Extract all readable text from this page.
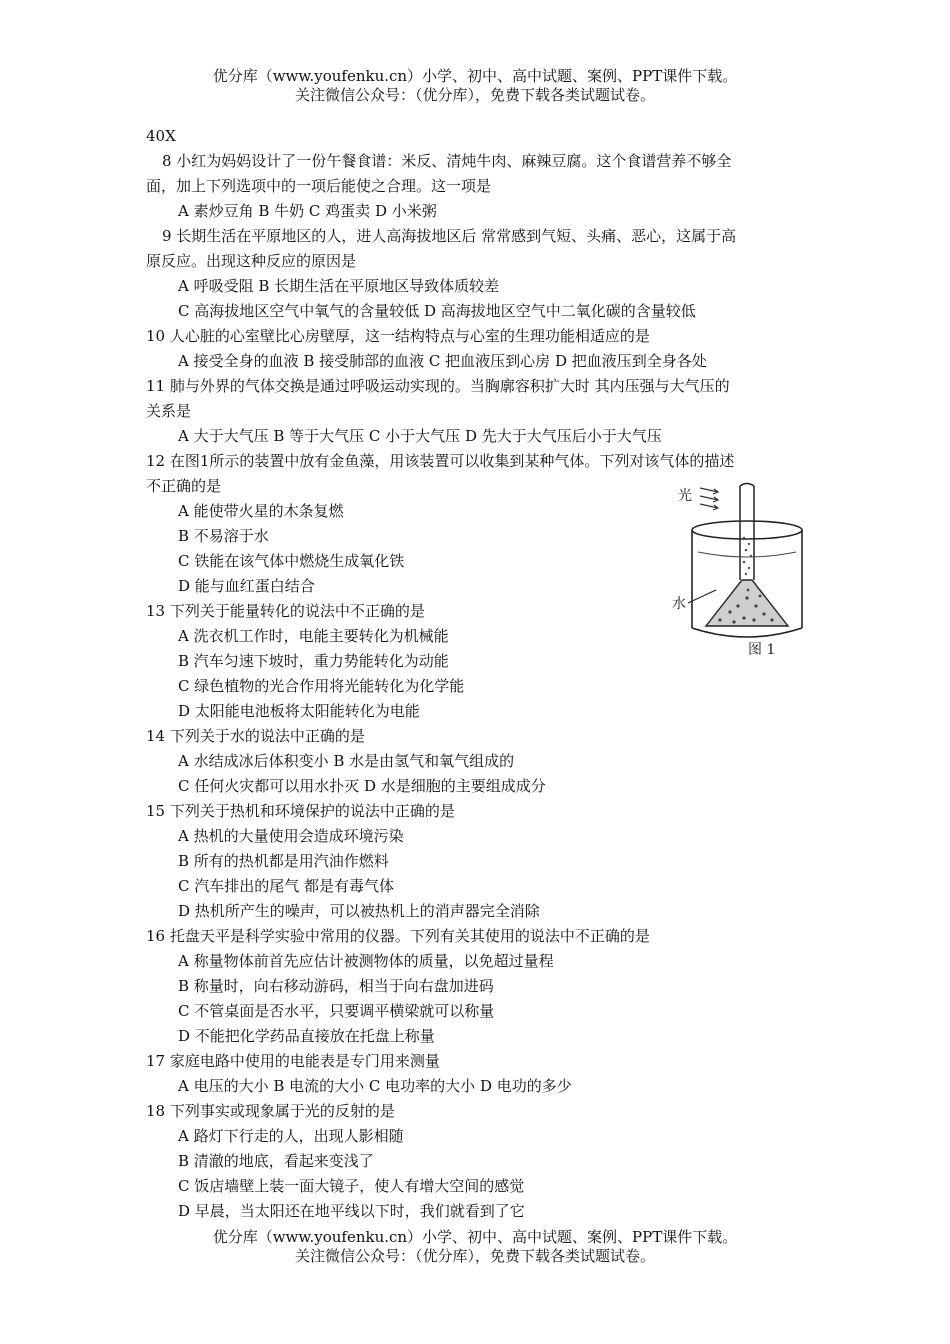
优分库（www.youfenku.cn）小学、初中、高中试题、案例、PPT课件下载。
关注微信公众号：（优分库），免费下载各类试题试卷。
40X
8 小红为妈妈设计了一份午餐食谱：米反、清炖牛肉、麻辣豆腐。这个食谱营养不够全
面，加上下列选项中的一项后能使之合理。这一项是
A 素炒豆角 B 牛奶 C 鸡蛋卖 D 小米粥
9 长期生活在平原地区的人，进人高海拔地区后 常常感到气短、头痛、恶心，这属于高
原反应。出现这种反应的原因是
A 呼吸受阻 B 长期生活在平原地区导致体质较差
C 高海拔地区空气中氧气的含量较低 D 高海拔地区空气中二氧化碳的含量较低
10 人心脏的心室壁比心房壁厚，这一结构特点与心室的生理功能相适应的是
A 接受全身的血液 B 接受肺部的血液 C 把血液压到心房 D 把血液压到全身各处
11 肺与外界的气体交换是通过呼吸运动实现的。当胸廓容积扩大时 其内压强与大气压的
关系是
A 大于大气压 B 等于大气压 C 小于大气压 D 先大于大气压后小于大气压
12 在图1所示的装置中放有金鱼藻，用该装置可以收集到某种气体。下列对该气体的描述
不正确的是
A 能使带火星的木条复燃
B 不易溶于水
C 铁能在该气体中燃烧生成氧化铁
D 能与血红蛋白结合
13 下列关于能量转化的说法中不正确的是
A 洗衣机工作时，电能主要转化为机械能
B 汽车匀速下坡时，重力势能转化为动能
C 绿色植物的光合作用将光能转化为化学能
D 太阳能电池板将太阳能转化为电能
14 下列关于水的说法中正确的是
A 水结成冰后体积变小 B 水是由氢气和氧气组成的
C 任何火灾都可以用水扑灭 D 水是细胞的主要组成成分
15 下列关于热机和环境保护的说法中正确的是
A 热机的大量使用会造成环境污染
B 所有的热机都是用汽油作燃料
C 汽车排出的尾气 都是有毒气体
D 热机所产生的噪声，可以被热机上的消声器完全消除
16 托盘天平是科学实验中常用的仪器。下列有关其使用的说法中不正确的是
A 称量物体前首先应估计被测物体的质量，以免超过量程
B 称量时，向右移动游码，相当于向右盘加进码
C 不管桌面是否水平，只要调平横梁就可以称量
D 不能把化学药品直接放在托盘上称量
17 家庭电路中使用的电能表是专门用来测量
A 电压的大小 B 电流的大小 C 电功率的大小 D 电功的多少
18 下列事实或现象属于光的反射的是
A 路灯下行走的人，出现人影相随
B 清澈的地底，看起来变浅了
C 饭店墙壁上装一面大镜子，使人有增大空间的感觉
D 早晨，当太阳还在地平线以下时，我们就看到了它
光
水
图 1
优分库（www.youfenku.cn）小学、初中、高中试题、案例、PPT课件下载。
关注微信公众号：（优分库），免费下载各类试题试卷。
